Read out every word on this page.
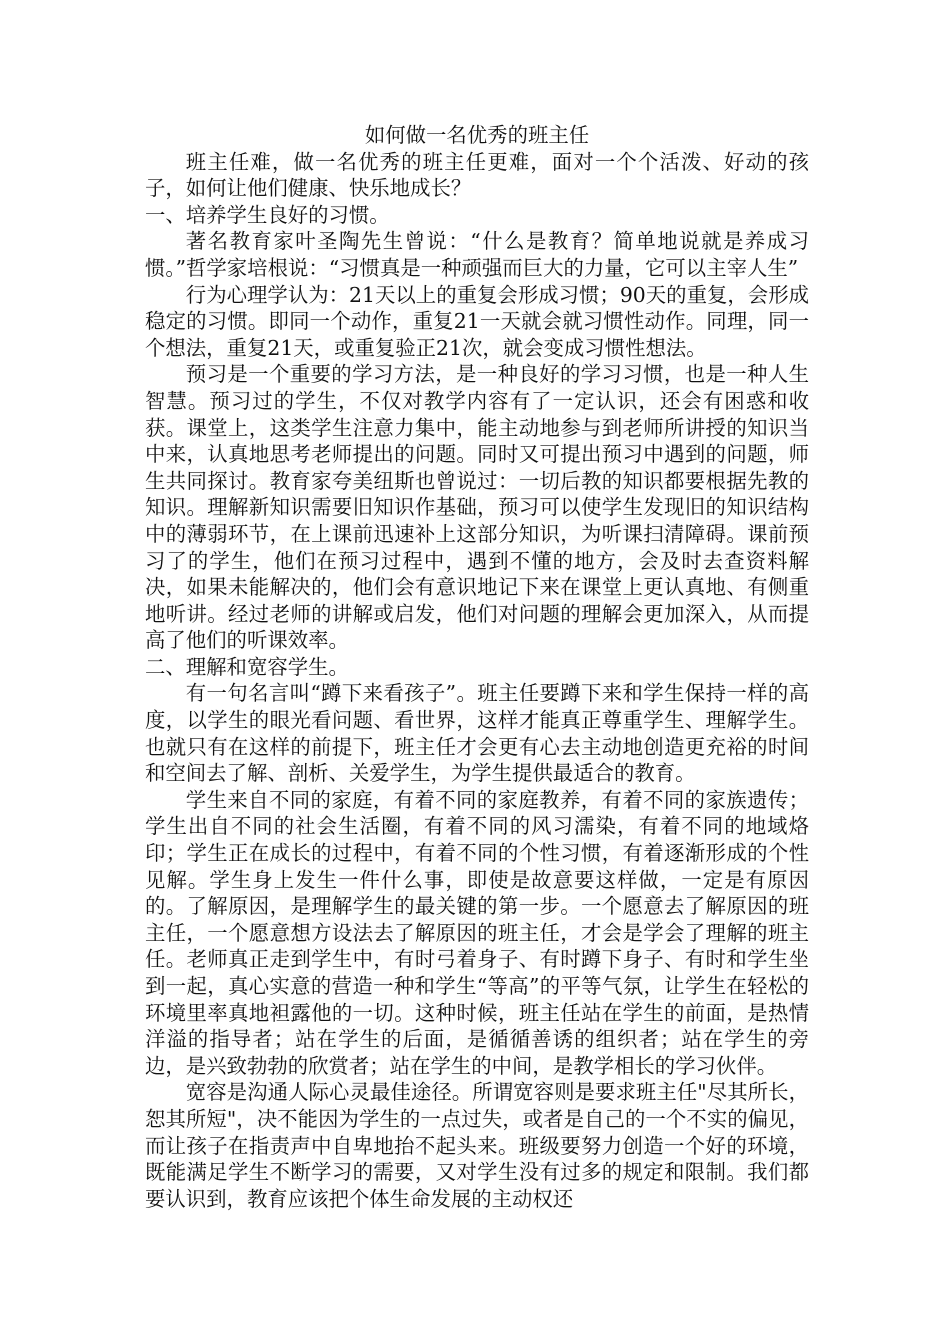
如何做一名优秀的班主任

班主任难，做一名优秀的班主任更难，面对一个个活泼、好动的孩子，如何让他们健康、快乐地成长？

一、培养学生良好的习惯。

著名教育家叶圣陶先生曾说：“什么是教育？简单地说就是养成习惯。”哲学家培根说：“习惯真是一种顽强而巨大的力量，它可以主宰人生”

行为心理学认为：21天以上的重复会形成习惯；90天的重复，会形成稳定的习惯。即同一个动作，重复21一天就会就习惯性动作。同理，同一个想法，重复21天，或重复验正21次，就会变成习惯性想法。

预习是一个重要的学习方法，是一种良好的学习习惯，也是一种人生智慧。预习过的学生，不仅对教学内容有了一定认识，还会有困惑和收获。课堂上，这类学生注意力集中，能主动地参与到老师所讲授的知识当中来，认真地思考老师提出的问题。同时又可提出预习中遇到的问题，师生共同探讨。教育家夸美纽斯也曾说过：一切后教的知识都要根据先教的知识。理解新知识需要旧知识作基础，预习可以使学生发现旧的知识结构中的薄弱环节，在上课前迅速补上这部分知识，为听课扫清障碍。课前预习了的学生，他们在预习过程中，遇到不懂的地方，会及时去查资料解决，如果未能解决的，他们会有意识地记下来在课堂上更认真地、有侧重地听讲。经过老师的讲解或启发，他们对问题的理解会更加深入，从而提高了他们的听课效率。

二、理解和宽容学生。

有一句名言叫“蹲下来看孩子”。班主任要蹲下来和学生保持一样的高度，以学生的眼光看问题、看世界，这样才能真正尊重学生、理解学生。也就只有在这样的前提下，班主任才会更有心去主动地创造更充裕的时间和空间去了解、剖析、关爱学生，为学生提供最适合的教育。

学生来自不同的家庭，有着不同的家庭教养，有着不同的家族遗传；学生出自不同的社会生活圈，有着不同的风习濡染，有着不同的地域烙印；学生正在成长的过程中，有着不同的个性习惯，有着逐渐形成的个性见解。学生身上发生一件什么事，即使是故意要这样做，一定是有原因的。了解原因，是理解学生的最关键的第一步。一个愿意去了解原因的班主任，一个愿意想方设法去了解原因的班主任，才会是学会了理解的班主任。老师真正走到学生中，有时弓着身子、有时蹲下身子、有时和学生坐到一起，真心实意的营造一种和学生“等高”的平等气氛，让学生在轻松的环境里率真地袒露他的一切。这种时候，班主任站在学生的前面，是热情洋溢的指导者；站在学生的后面，是循循善诱的组织者；站在学生的旁边，是兴致勃勃的欣赏者；站在学生的中间，是教学相长的学习伙伴。

宽容是沟通人际心灵最佳途径。所谓宽容则是要求班主任"尽其所长，恕其所短"，决不能因为学生的一点过失，或者是自己的一个不实的偏见，而让孩子在指责声中自卑地抬不起头来。班级要努力创造一个好的环境，既能满足学生不断学习的需要，又对学生没有过多的规定和限制。我们都要认识到，教育应该把个体生命发展的主动权还
